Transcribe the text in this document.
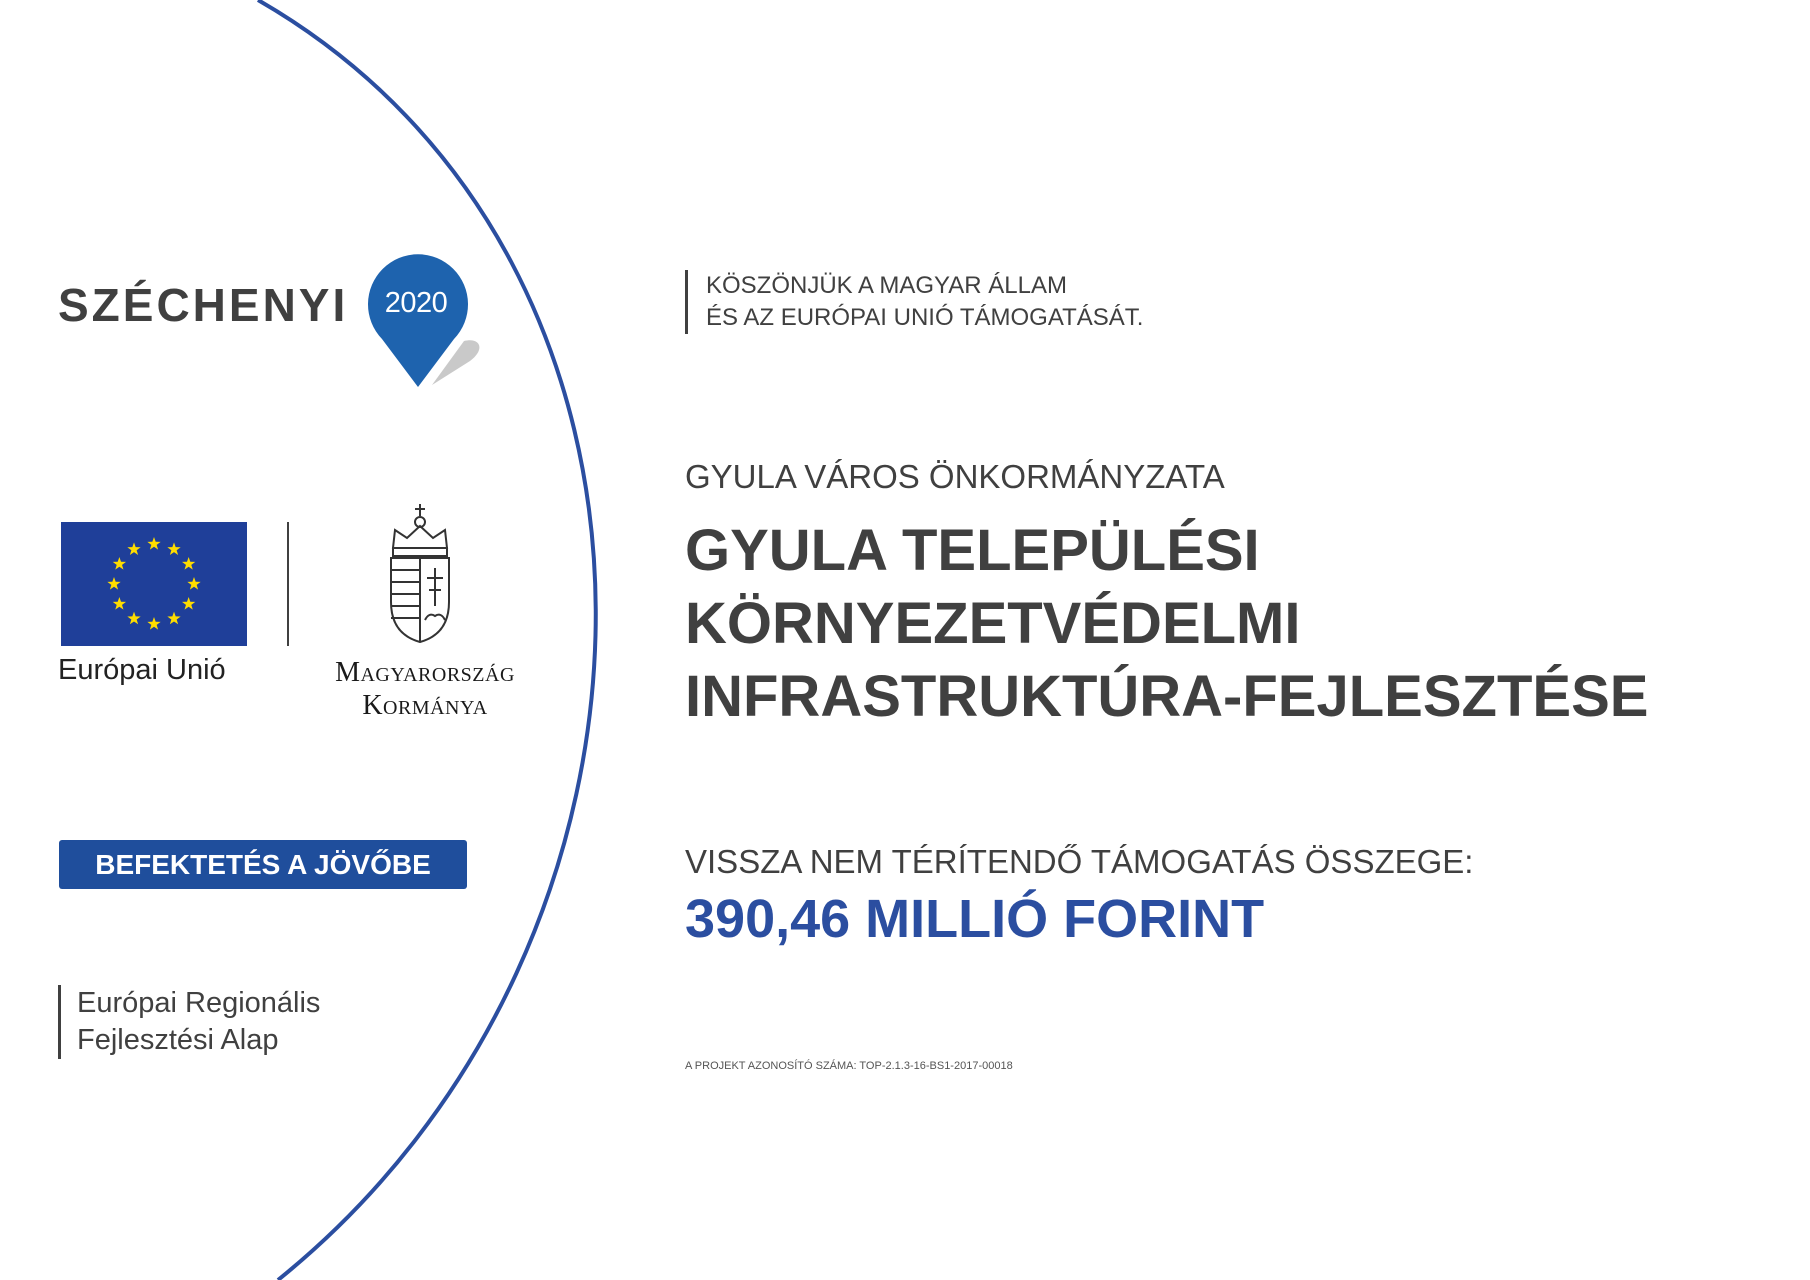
SZÉCHENYI	2020
KÖSZÖNJÜK A MAGYAR ÁLLAM
ÉS AZ EURÓPAI UNIÓ TÁMOGATÁSÁT.
Európai Unió	Magyarország
Kormánya
BEFEKTETÉS A JÖVŐBE
Európai Regionális
Fejlesztési Alap
GYULA VÁROS ÖNKORMÁNYZATA
GYULA TELEPÜLÉSI
KÖRNYEZETVÉDELMI
INFRASTRUKTÚRA-FEJLESZTÉSE
VISSZA NEM TÉRÍTENDŐ TÁMOGATÁS ÖSSZEGE:
390,46 MILLIÓ FORINT
A PROJEKT AZONOSÍTÓ SZÁMA: TOP-2.1.3-16-BS1-2017-00018
